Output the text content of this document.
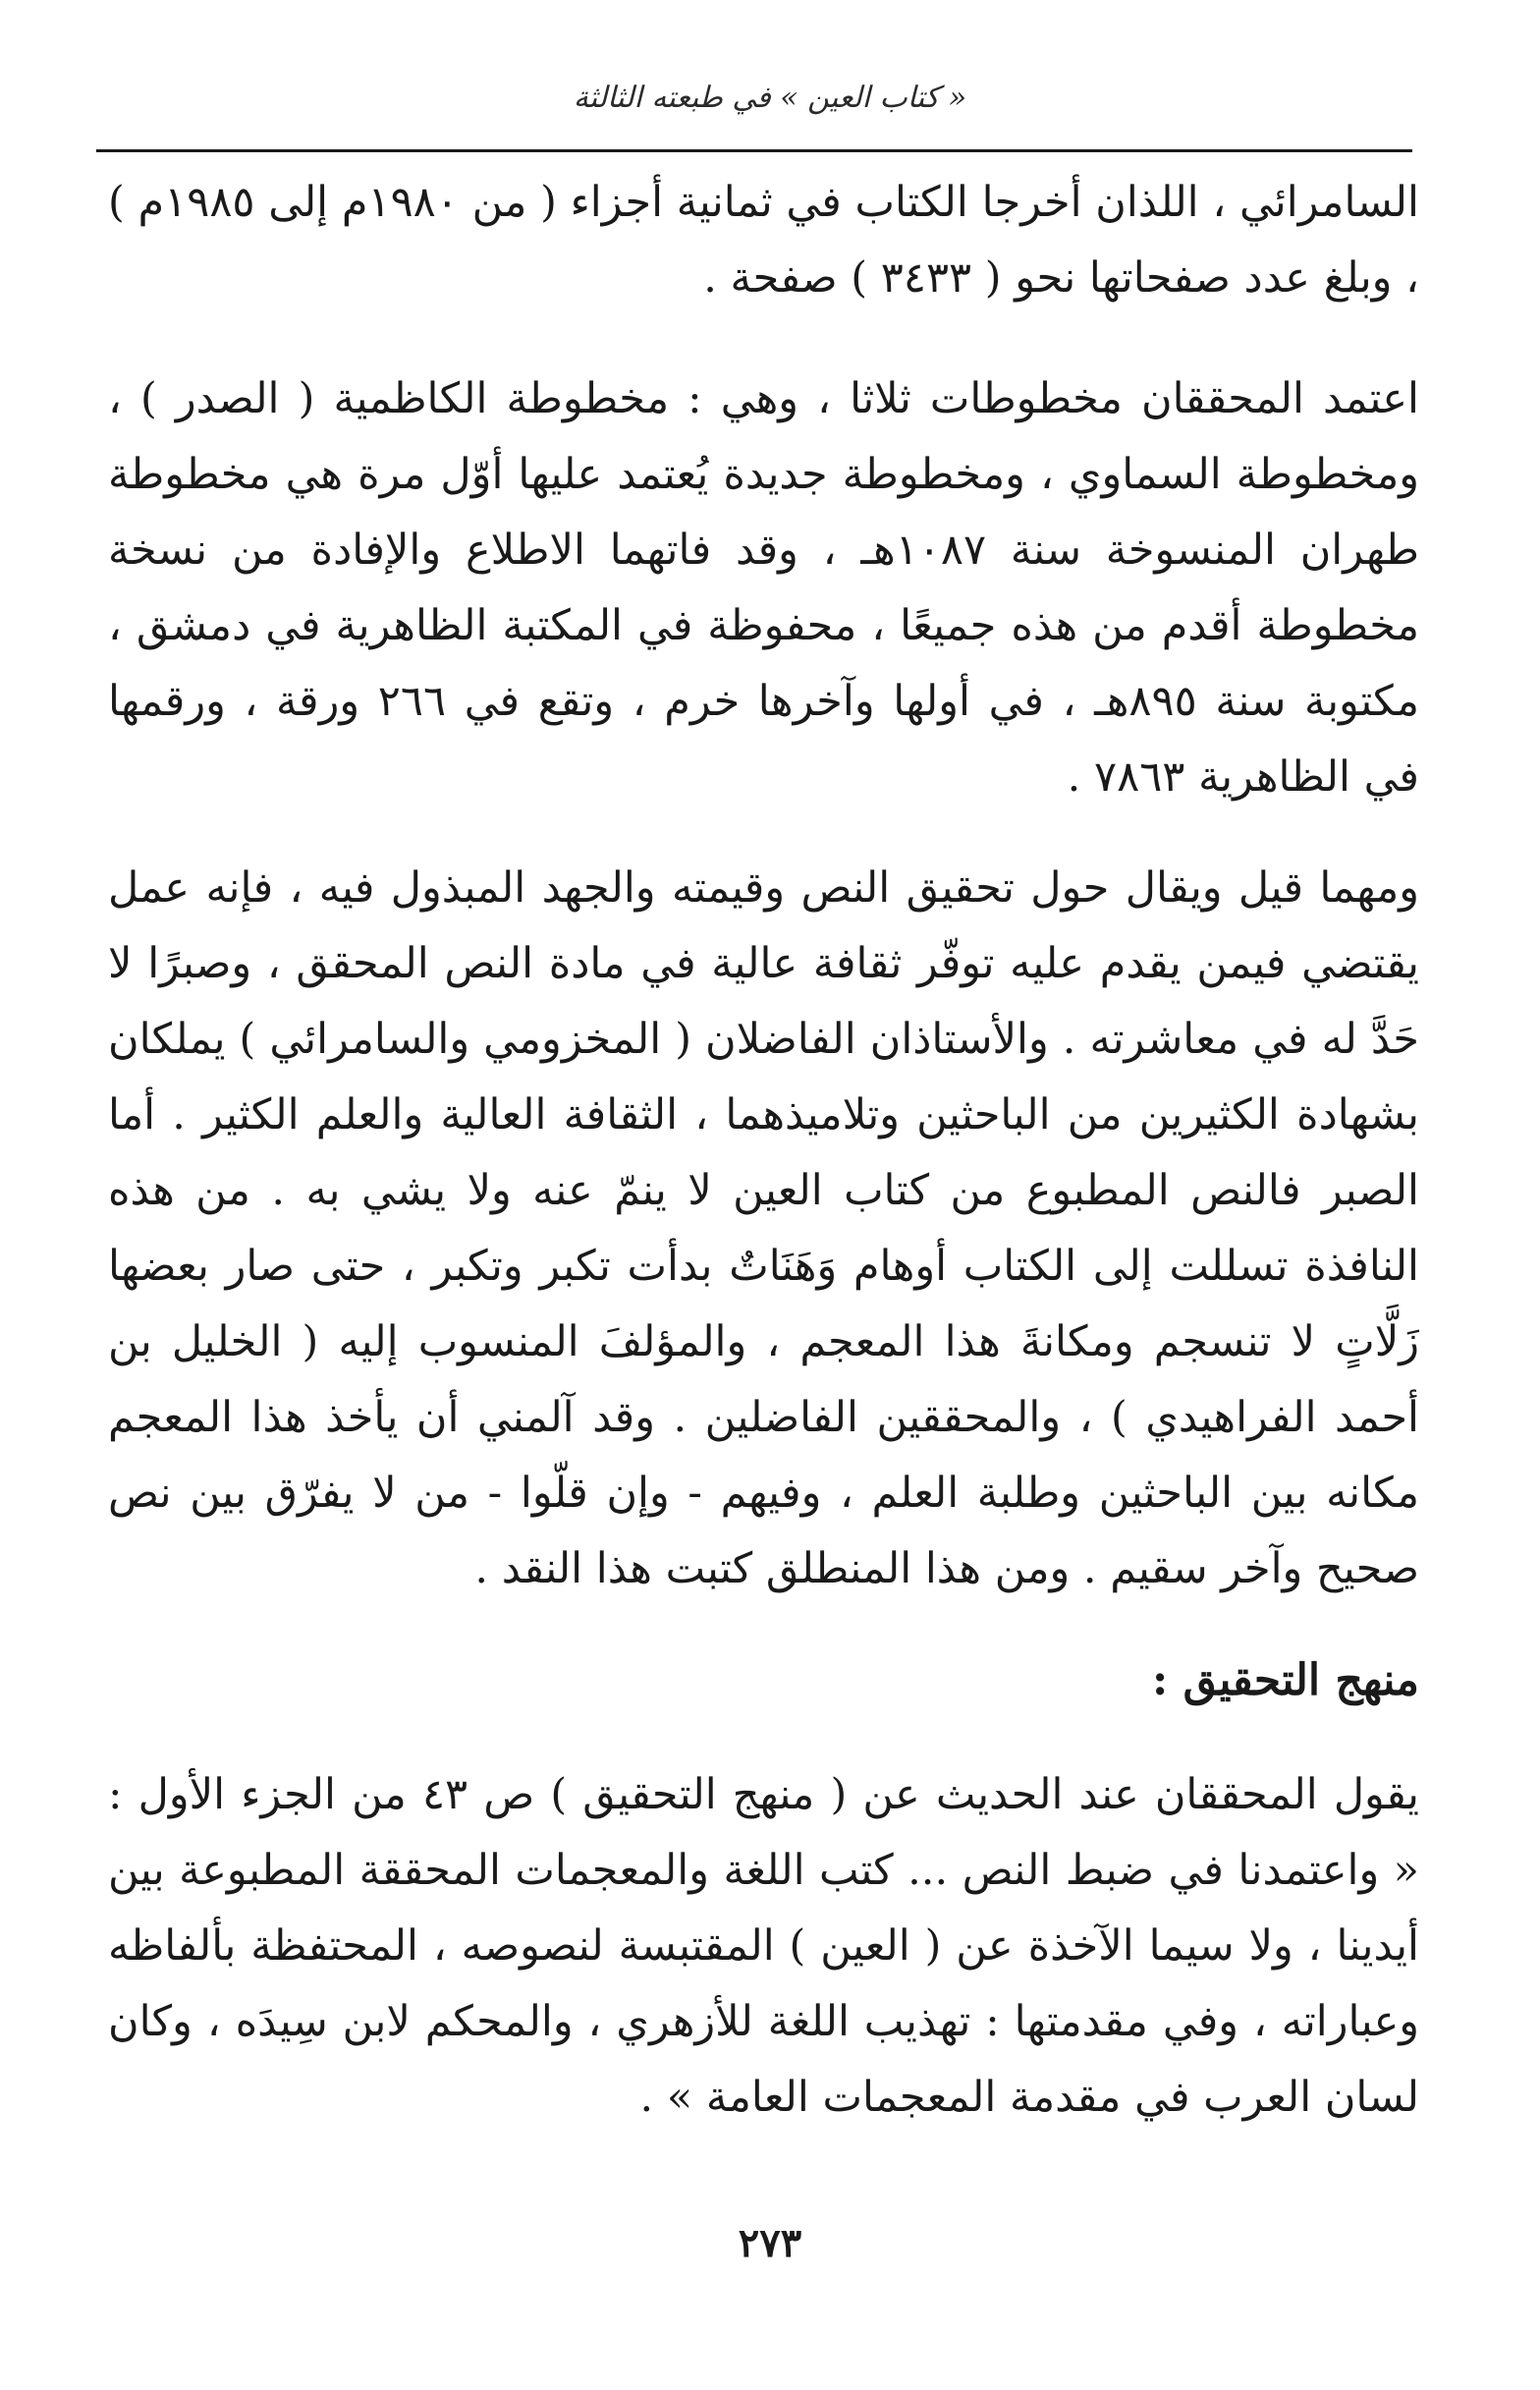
« كتاب العين » في طبعته الثالثة

السامرائي ، اللذان أخرجا الكتاب في ثمانية أجزاء ( من ١٩٨٠م إلى ١٩٨٥م ) ، وبلغ عدد صفحاتها نحو ( ٣٤٣٣ ) صفحة .

اعتمد المحققان مخطوطات ثلاثا ، وهي : مخطوطة الكاظمية ( الصدر ) ، ومخطوطة السماوي ، ومخطوطة جديدة يُعتمد عليها أوّل مرة هي مخطوطة طهران المنسوخة سنة ١٠٨٧هـ ، وقد فاتهما الاطلاع والإفادة من نسخة مخطوطة أقدم من هذه جميعًا ، محفوظة في المكتبة الظاهرية في دمشق ، مكتوبة سنة ٨٩٥هـ ، في أولها وآخرها خرم ، وتقع في ٢٦٦ ورقة ، ورقمها في الظاهرية ٧٨٦٣ .

ومهما قيل ويقال حول تحقيق النص وقيمته والجهد المبذول فيه ، فإنه عمل يقتضي فيمن يقدم عليه توفّر ثقافة عالية في مادة النص المحقق ، وصبرًا لا حَدَّ له في معاشرته . والأستاذان الفاضلان ( المخزومي والسامرائي ) يملكان بشهادة الكثيرين من الباحثين وتلاميذهما ، الثقافة العالية والعلم الكثير . أما الصبر فالنص المطبوع من كتاب العين لا ينمّ عنه ولا يشي به . من هذه النافذة تسللت إلى الكتاب أوهام وَهَنَاتٌ بدأت تكبر وتكبر ، حتى صار بعضها زَلَّاتٍ لا تنسجم ومكانةَ هذا المعجم ، والمؤلفَ المنسوب إليه ( الخليل بن أحمد الفراهيدي ) ، والمحققين الفاضلين . وقد آلمني أن يأخذ هذا المعجم مكانه بين الباحثين وطلبة العلم ، وفيهم - وإن قلّوا - من لا يفرّق بين نص صحيح وآخر سقيم . ومن هذا المنطلق كتبت هذا النقد .

منهج التحقيق :

يقول المحققان عند الحديث عن ( منهج التحقيق ) ص ٤٣ من الجزء الأول : « واعتمدنا في ضبط النص ... كتب اللغة والمعجمات المحققة المطبوعة بين أيدينا ، ولا سيما الآخذة عن ( العين ) المقتبسة لنصوصه ، المحتفظة بألفاظه وعباراته ، وفي مقدمتها : تهذيب اللغة للأزهري ، والمحكم لابن سِيدَه ، وكان لسان العرب في مقدمة المعجمات العامة » .

٢٧٣
